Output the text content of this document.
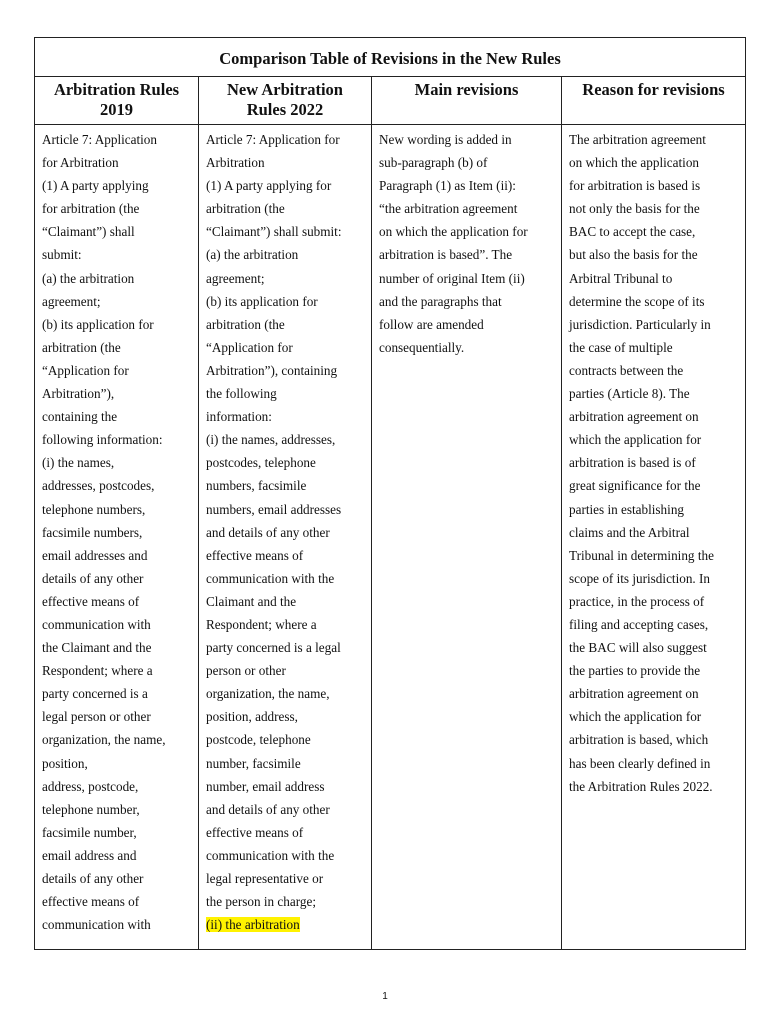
Comparison Table of Revisions in the New Rules
Arbitration Rules
2019
New Arbitration
Rules 2022
Main revisions	Reason for revisions
Article 7: Application
for Arbitration
(1) A party applying
for arbitration (the
“Claimant”) shall
submit:
(a) the arbitration
agreement;
(b) its application for
arbitration (the
“Application for
Arbitration”),
containing the
following information:
(i) the names,
addresses, postcodes,
telephone numbers,
facsimile numbers,
email addresses and
details of any other
effective means of
communication with
the Claimant and the
Respondent; where a
party concerned is a
legal person or other
organization, the name,
position,
address, postcode,
telephone number,
facsimile number,
email address and
details of any other
effective means of
communication with
Article 7: Application for
Arbitration
(1) A party applying for
arbitration (the
“Claimant”) shall submit:
(a) the arbitration
agreement;
(b) its application for
arbitration (the
“Application for
Arbitration”), containing
the following
information:
(i) the names, addresses,
postcodes, telephone
numbers, facsimile
numbers, email addresses
and details of any other
effective means of
communication with the
Claimant and the
Respondent; where a
party concerned is a legal
person or other
organization, the name,
position, address,
postcode, telephone
number, facsimile
number, email address
and details of any other
effective means of
communication with the
legal representative or
the person in charge;
(ii) the arbitration
New wording is added in
sub-paragraph (b) of
Paragraph (1) as Item (ii):
“the arbitration agreement
on which the application for
arbitration is based”. The
number of original Item (ii)
and the paragraphs that
follow are amended
consequentially.
The arbitration agreement
on which the application
for arbitration is based is
not only the basis for the
BAC to accept the case,
but also the basis for the
Arbitral Tribunal to
determine the scope of its
jurisdiction. Particularly in
the case of multiple
contracts between the
parties (Article 8). The
arbitration agreement on
which the application for
arbitration is based is of
great significance for the
parties in establishing
claims and the Arbitral
Tribunal in determining the
scope of its jurisdiction. In
practice, in the process of
filing and accepting cases,
the BAC will also suggest
the parties to provide the
arbitration agreement on
which the application for
arbitration is based, which
has been clearly defined in
the Arbitration Rules 2022.
1
